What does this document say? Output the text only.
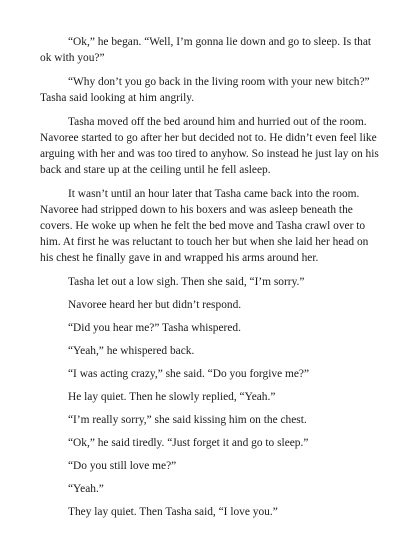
“Ok,” he began. “Well, I’m gonna lie down and go to sleep. Is that ok with you?”

“Why don’t you go back in the living room with your new bitch?” Tasha said looking at him angrily.

Tasha moved off the bed around him and hurried out of the room. Navoree started to go after her but decided not to. He didn’t even feel like arguing with her and was too tired to anyhow. So instead he just lay on his back and stare up at the ceiling until he fell asleep.

It wasn’t until an hour later that Tasha came back into the room. Navoree had stripped down to his boxers and was asleep beneath the covers. He woke up when he felt the bed move and Tasha crawl over to him. At first he was reluctant to touch her but when she laid her head on his chest he finally gave in and wrapped his arms around her.

Tasha let out a low sigh. Then she said, “I’m sorry.”

Navoree heard her but didn’t respond.

“Did you hear me?” Tasha whispered.

“Yeah,” he whispered back.

“I was acting crazy,” she said. “Do you forgive me?”

He lay quiet. Then he slowly replied, “Yeah.”

“I’m really sorry,” she said kissing him on the chest.

“Ok,” he said tiredly. “Just forget it and go to sleep.”

“Do you still love me?”

“Yeah.”

They lay quiet. Then Tasha said, “I love you.”
